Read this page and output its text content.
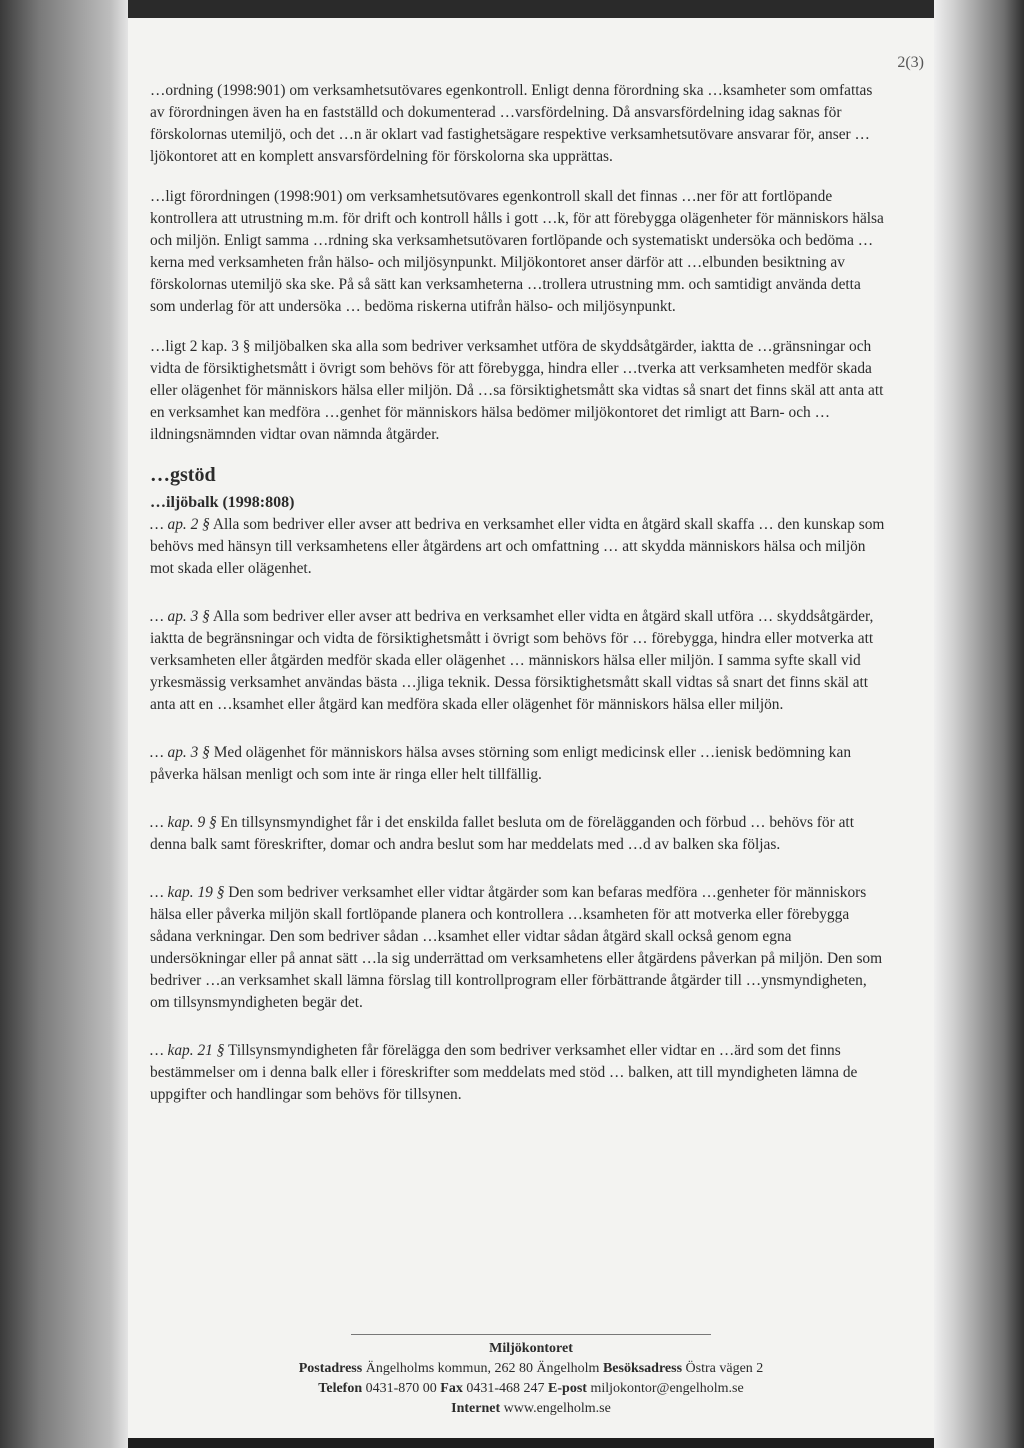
2(3)

…ordning (1998:901) om verksamhetsutövares egenkontroll. Enligt denna förordning ska …ksamheter som omfattas av förordningen även ha en fastställd och dokumenterad …varsfördelning. Då ansvarsfördelning idag saknas för förskolornas utemiljö, och det …n är oklart vad fastighetsägare respektive verksamhetsutövare ansvarar för, anser …ljökontoret att en komplett ansvarsfördelning för förskolorna ska upprättas.

…ligt förordningen (1998:901) om verksamhetsutövares egenkontroll skall det finnas …ner för att fortlöpande kontrollera att utrustning m.m. för drift och kontroll hålls i gott …k, för att förebygga olägenheter för människors hälsa och miljön. Enligt samma …rdning ska verksamhetsutövaren fortlöpande och systematiskt undersöka och bedöma …kerna med verksamheten från hälso- och miljösynpunkt. Miljökontoret anser därför att …elbunden besiktning av förskolornas utemiljö ska ske. På så sätt kan verksamheterna …trollera utrustning mm. och samtidigt använda detta som underlag för att undersöka … bedöma riskerna utifrån hälso- och miljösynpunkt.

…ligt 2 kap. 3 § miljöbalken ska alla som bedriver verksamhet utföra de skyddsåtgärder, iaktta de …gränsningar och vidta de försiktighetsmått i övrigt som behövs för att förebygga, hindra eller …tverka att verksamheten medför skada eller olägenhet för människors hälsa eller miljön. Då …sa försiktighetsmått ska vidtas så snart det finns skäl att anta att en verksamhet kan medföra …genhet för människors hälsa bedömer miljökontoret det rimligt att Barn- och …ildningsnämnden vidtar ovan nämnda åtgärder.

…gstöd
…iljöbalk (1998:808)

… ap. 2 § Alla som bedriver eller avser att bedriva en verksamhet eller vidta en åtgärd skall skaffa … den kunskap som behövs med hänsyn till verksamhetens eller åtgärdens art och omfattning … att skydda människors hälsa och miljön mot skada eller olägenhet.

… ap. 3 § Alla som bedriver eller avser att bedriva en verksamhet eller vidta en åtgärd skall utföra … skyddsåtgärder, iaktta de begränsningar och vidta de försiktighetsmått i övrigt som behövs för … förebygga, hindra eller motverka att verksamheten eller åtgärden medför skada eller olägenhet … människors hälsa eller miljön. I samma syfte skall vid yrkesmässig verksamhet användas bästa …jliga teknik. Dessa försiktighetsmått skall vidtas så snart det finns skäl att anta att en …ksamhet eller åtgärd kan medföra skada eller olägenhet för människors hälsa eller miljön.

… ap. 3 § Med olägenhet för människors hälsa avses störning som enligt medicinsk eller …ienisk bedömning kan påverka hälsan menligt och som inte är ringa eller helt tillfällig.

… kap. 9 § En tillsynsmyndighet får i det enskilda fallet besluta om de förelägganden och förbud … behövs för att denna balk samt föreskrifter, domar och andra beslut som har meddelats med …d av balken ska följas.

… kap. 19 § Den som bedriver verksamhet eller vidtar åtgärder som kan befaras medföra …genheter för människors hälsa eller påverka miljön skall fortlöpande planera och kontrollera …ksamheten för att motverka eller förebygga sådana verkningar. Den som bedriver sådan …ksamhet eller vidtar sådan åtgärd skall också genom egna undersökningar eller på annat sätt …la sig underrättad om verksamhetens eller åtgärdens påverkan på miljön. Den som bedriver …an verksamhet skall lämna förslag till kontrollprogram eller förbättrande åtgärder till …ynsmyndigheten, om tillsynsmyndigheten begär det.

… kap. 21 § Tillsynsmyndigheten får förelägga den som bedriver verksamhet eller vidtar en …ärd som det finns bestämmelser om i denna balk eller i föreskrifter som meddelats med stöd … balken, att till myndigheten lämna de uppgifter och handlingar som behövs för tillsynen.

Miljökontoret
Postadress Ängelholms kommun, 262 80 Ängelholm Besöksadress Östra vägen 2
Telefon 0431-870 00 Fax 0431-468 247 E-post miljokontor@engelholm.se
Internet www.engelholm.se
